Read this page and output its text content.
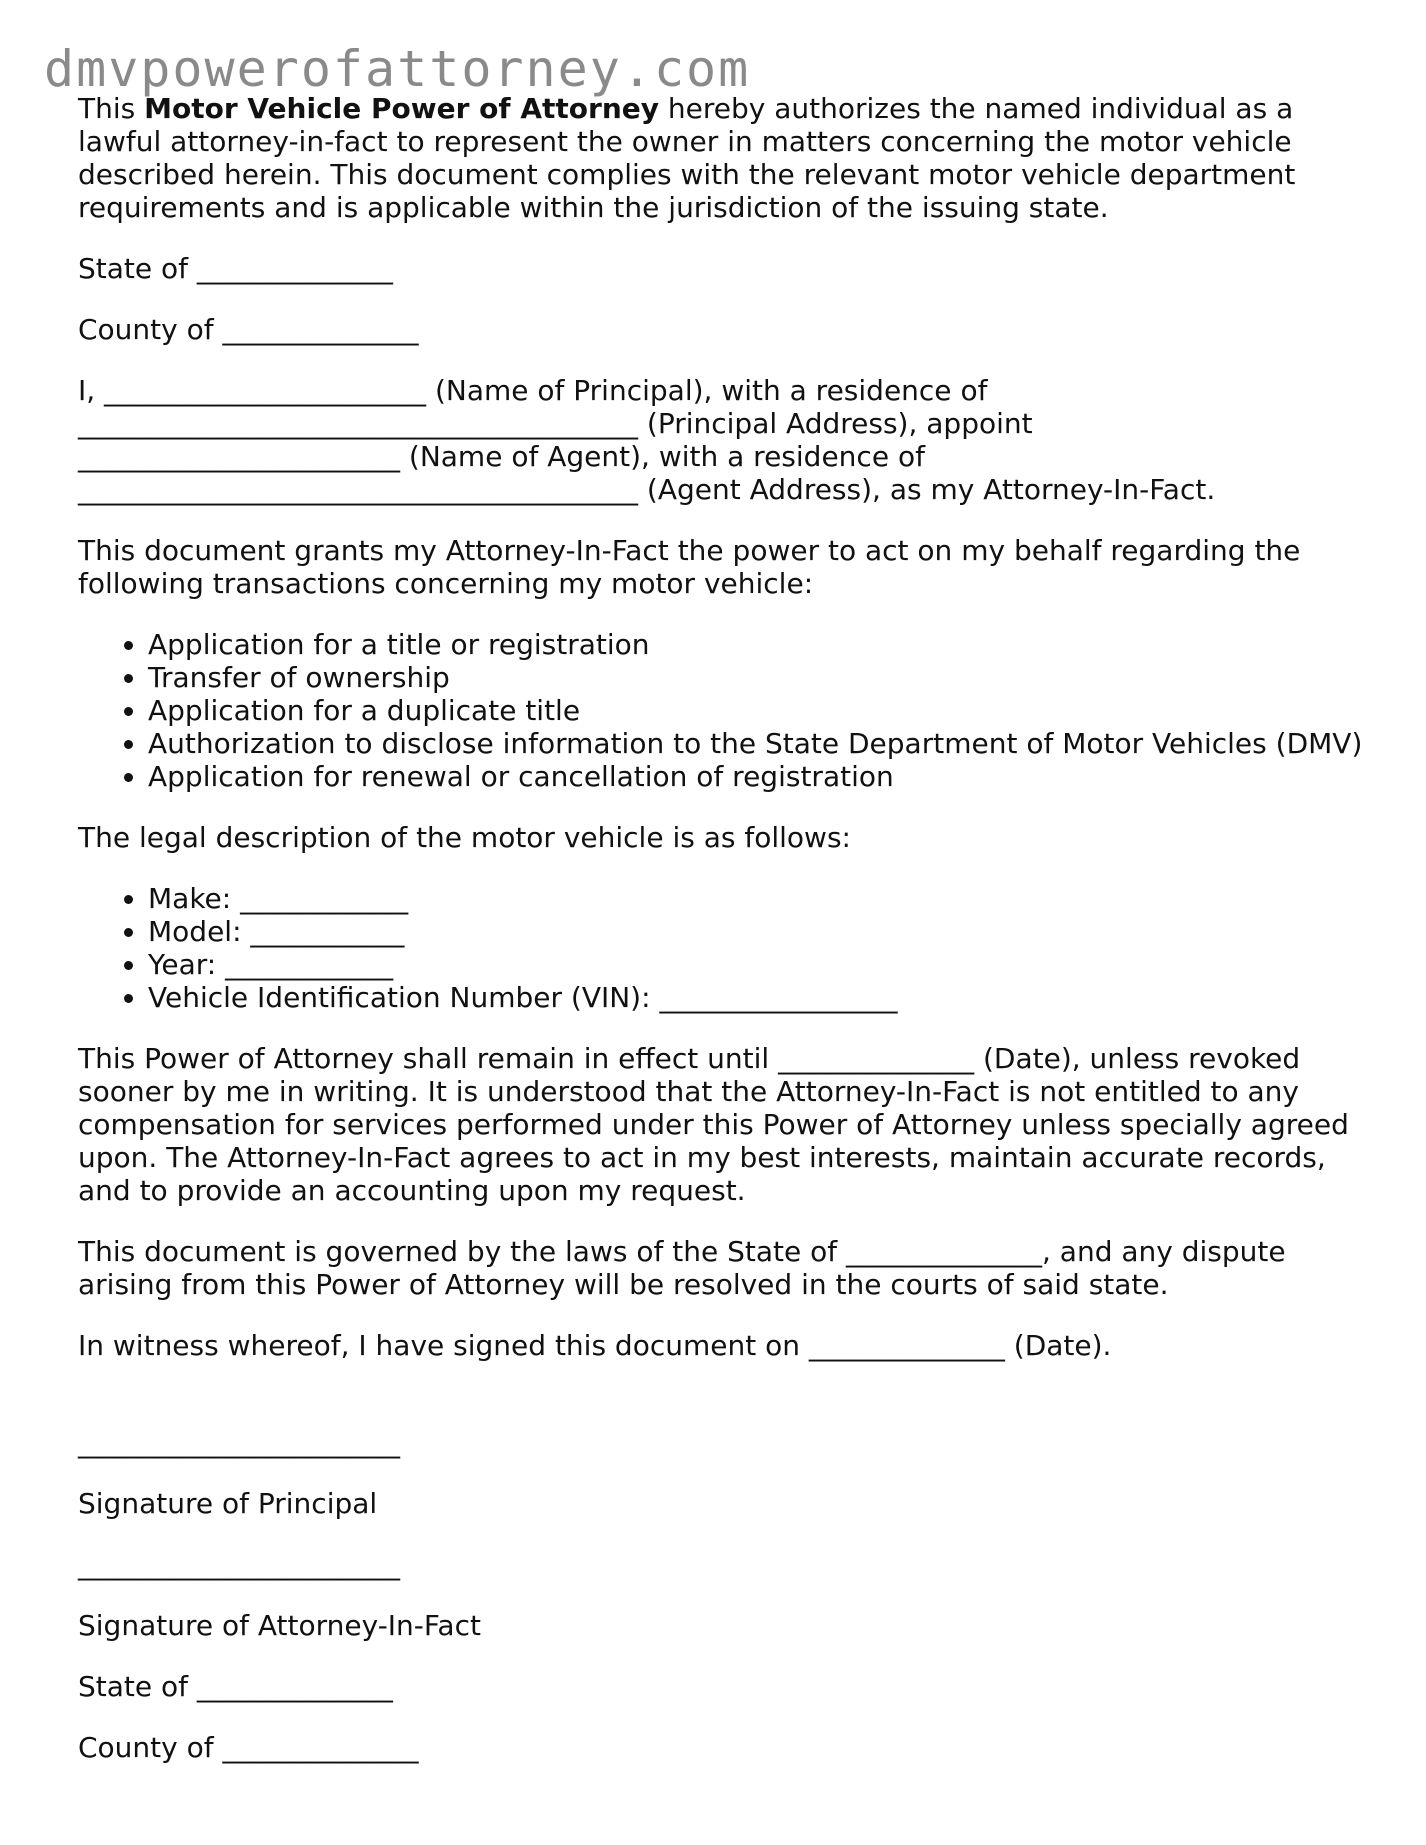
dmvpowerofattorney.com

This Motor Vehicle Power of Attorney hereby authorizes the named individual as a lawful attorney-in-fact to represent the owner in matters concerning the motor vehicle described herein. This document complies with the relevant motor vehicle department requirements and is applicable within the jurisdiction of the issuing state.

State of ______________

County of ______________

I, _______________________ (Name of Principal), with a residence of
________________________________________ (Principal Address), appoint
_______________________ (Name of Agent), with a residence of
________________________________________ (Agent Address), as my Attorney-In-Fact.

This document grants my Attorney-In-Fact the power to act on my behalf regarding the following transactions concerning my motor vehicle:

• Application for a title or registration
• Transfer of ownership
• Application for a duplicate title
• Authorization to disclose information to the State Department of Motor Vehicles (DMV)
• Application for renewal or cancellation of registration

The legal description of the motor vehicle is as follows:

• Make: ____________
• Model: ___________
• Year: ____________
• Vehicle Identification Number (VIN): _________________

This Power of Attorney shall remain in effect until ______________ (Date), unless revoked sooner by me in writing. It is understood that the Attorney-In-Fact is not entitled to any compensation for services performed under this Power of Attorney unless specially agreed upon. The Attorney-In-Fact agrees to act in my best interests, maintain accurate records, and to provide an accounting upon my request.

This document is governed by the laws of the State of ______________, and any dispute arising from this Power of Attorney will be resolved in the courts of said state.

In witness whereof, I have signed this document on ______________ (Date).

_______________________

Signature of Principal

_______________________

Signature of Attorney-In-Fact

State of ______________

County of ______________
